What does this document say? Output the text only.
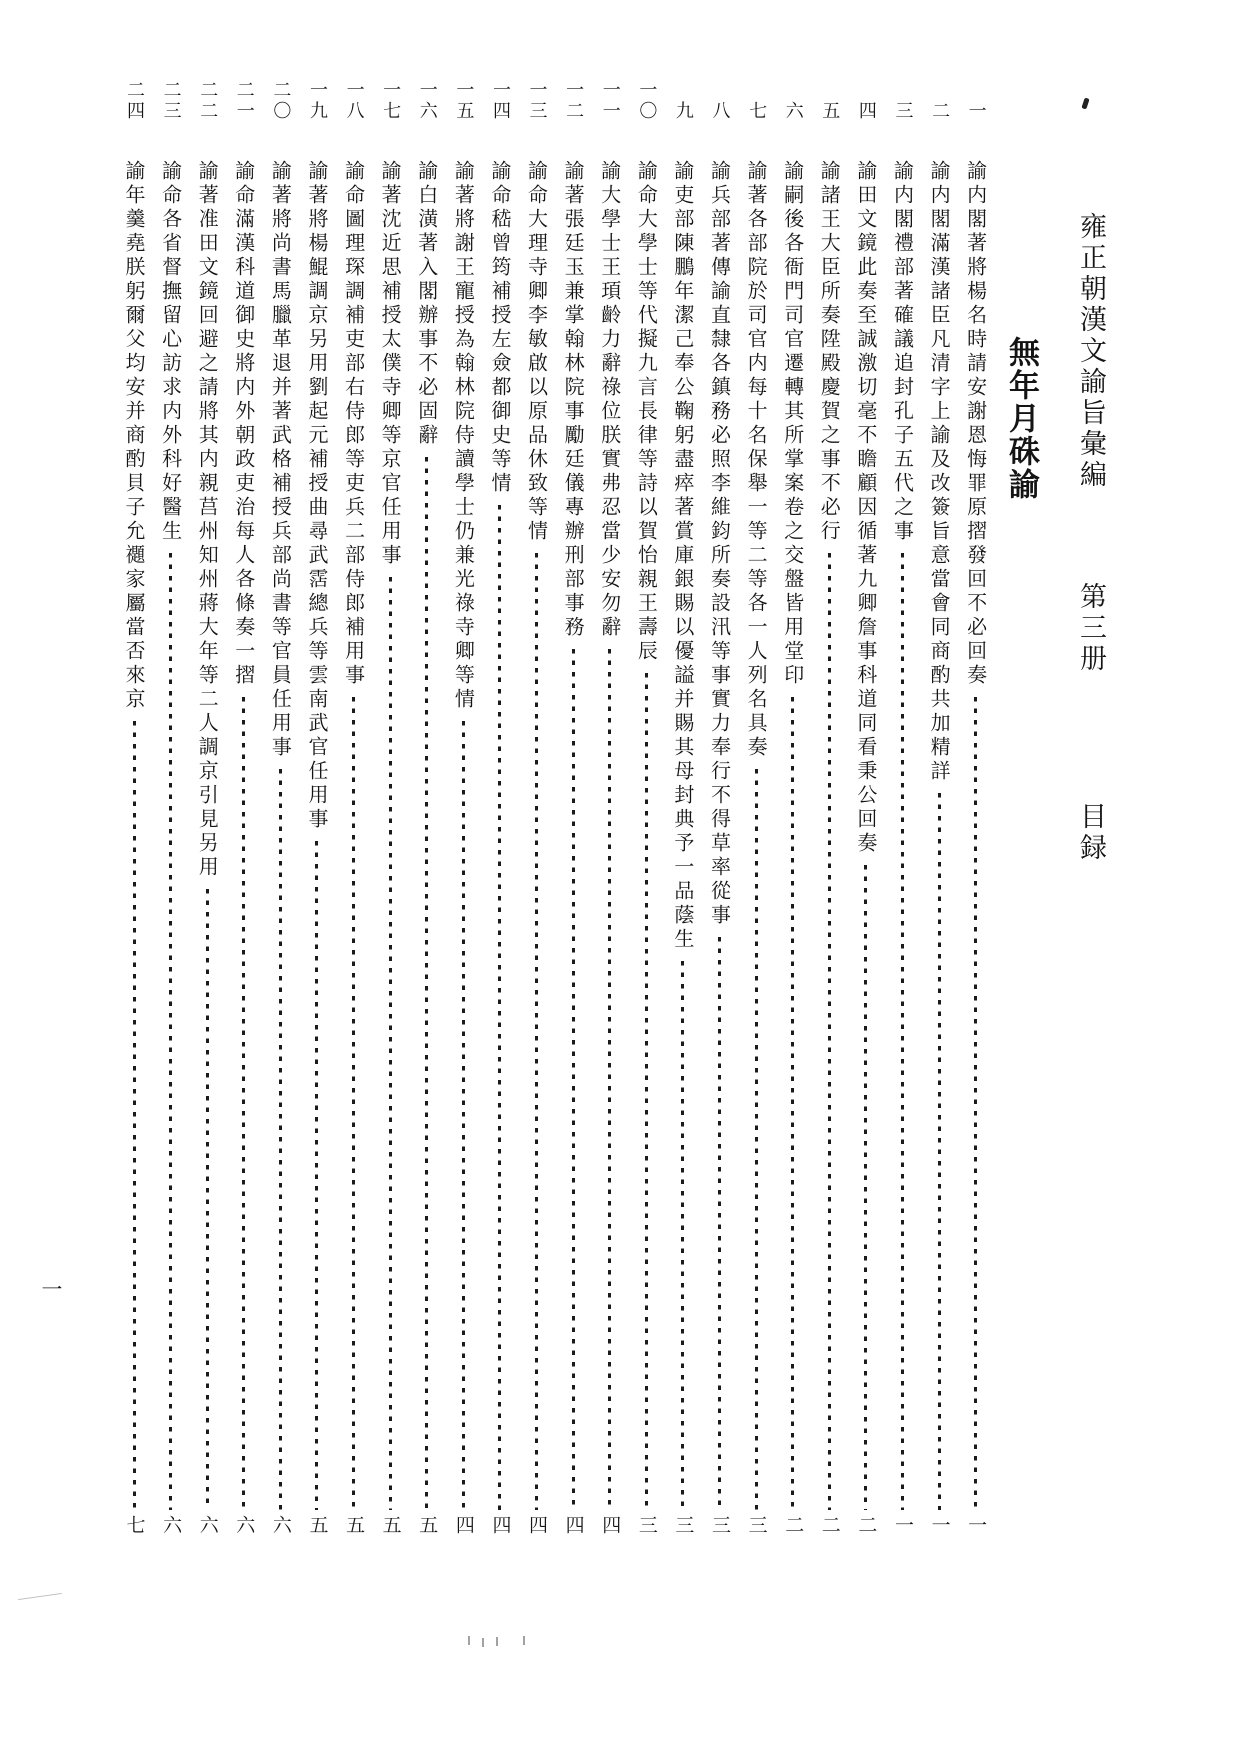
雍正朝漢文諭旨彙編 第三册 目録
無年月硃諭
一
諭内閣著將楊名時請安謝恩悔罪原摺發回不必回奏
一
二
諭内閣滿漢諸臣凡清字上諭及改簽旨意當會同商酌共加精詳
一
三
諭内閣禮部著確議追封孔子五代之事
一
四
諭田文鏡此奏至誠激切毫不瞻顧因循著九卿詹事科道同看秉公回奏
二
五
諭諸王大臣所奏陞殿慶賀之事不必行
二
六
諭嗣後各衙門司官遷轉其所掌案卷之交盤皆用堂印
二
七
諭著各部院於司官内每十名保舉一等二等各一人列名具奏
三
八
諭兵部著傳諭直隸各鎮務必照李維鈞所奏設汛等事實力奉行不得草率從事
三
九
諭吏部陳鵬年潔己奉公鞠躬盡瘁著賞庫銀賜以優謚并賜其母封典予一品蔭生
三
一〇
諭命大學士等代擬九言長律等詩以賀怡親王壽辰
三
一一
諭大學士王頊齡力辭祿位朕實弗忍當少安勿辭
四
一二
諭著張廷玉兼掌翰林院事勵廷儀專辦刑部事務
四
一三
諭命大理寺卿李敏啟以原品休致等情
四
一四
諭命嵇曾筠補授左僉都御史等情
四
一五
諭著將謝王寵授為翰林院侍讀學士仍兼光祿寺卿等情
四
一六
諭白潢著入閣辦事不必固辭
五
一七
諭著沈近思補授太僕寺卿等京官任用事
五
一八
諭命圖理琛調補吏部右侍郎等吏兵二部侍郎補用事
五
一九
諭著將楊鯤調京另用劉起元補授曲尋武霑總兵等雲南武官任用事
五
二〇
諭著將尚書馬臘革退并著武格補授兵部尚書等官員任用事
六
二一
諭命滿漢科道御史將内外朝政吏治每人各條奏一摺
六
二二
諭著准田文鏡回避之請將其内親莒州知州蔣大年等二人調京引見另用
六
二三
諭命各省督撫留心訪求内外科好醫生
六
二四
諭年羹堯朕躬爾父均安并商酌貝子允禵家屬當否來京
七
一
